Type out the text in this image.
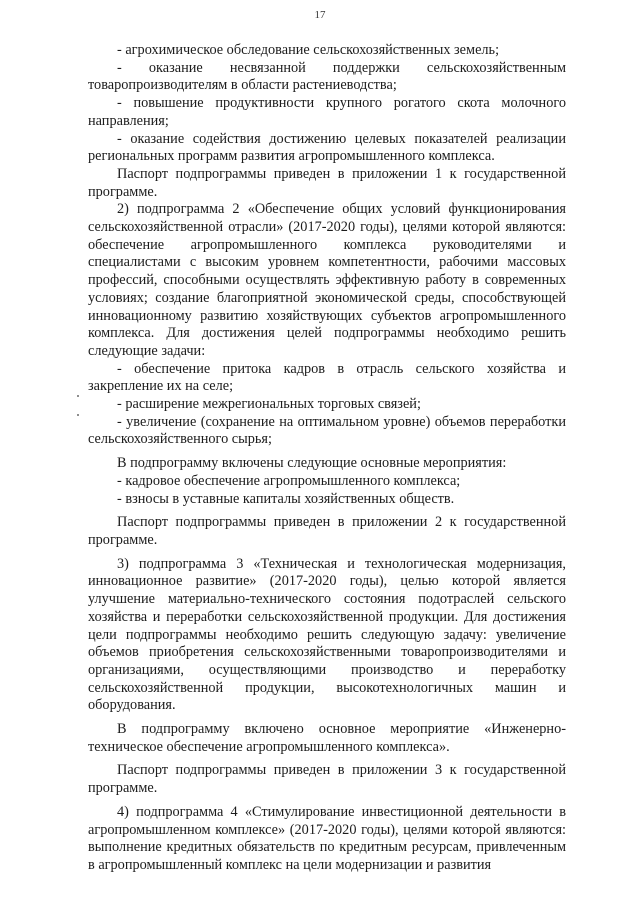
17

- агрохимическое обследование сельскохозяйственных земель;

- оказание несвязанной поддержки сельскохозяйственным товаропроизводителям в области растениеводства;

- повышение продуктивности крупного рогатого скота молочного направления;

- оказание содействия достижению целевых показателей реализации региональных программ развития агропромышленного комплекса.

Паспорт подпрограммы приведен в приложении 1 к государственной программе.

2) подпрограмма 2 «Обеспечение общих условий функционирования сельскохозяйственной отрасли» (2017-2020 годы), целями которой являются: обеспечение агропромышленного комплекса руководителями и специалистами с высоким уровнем компетентности, рабочими массовых профессий, способными осуществлять эффективную работу в современных условиях; создание благоприятной экономической среды, способствующей инновационному развитию хозяйствующих субъектов агропромышленного комплекса. Для достижения целей подпрограммы необходимо решить следующие задачи:

- обеспечение притока кадров в отрасль сельского хозяйства и закрепление их на селе;

- расширение межрегиональных торговых связей;

- увеличение (сохранение на оптимальном уровне) объемов переработки сельскохозяйственного сырья;

В подпрограмму включены следующие основные мероприятия:

- кадровое обеспечение агропромышленного комплекса;

- взносы в уставные капиталы хозяйственных обществ.

Паспорт подпрограммы приведен в приложении 2 к государственной программе.

3) подпрограмма 3 «Техническая и технологическая модернизация, инновационное развитие» (2017-2020 годы), целью которой является улучшение материально-технического состояния подотраслей сельского хозяйства и переработки сельскохозяйственной продукции. Для достижения цели подпрограммы необходимо решить следующую задачу: увеличение объемов приобретения сельскохозяйственными товаропроизводителями и организациями, осуществляющими производство и переработку сельскохозяйственной продукции, высокотехнологичных машин и оборудования.

В подпрограмму включено основное мероприятие «Инженерно-техническое обеспечение агропромышленного комплекса».

Паспорт подпрограммы приведен в приложении 3 к государственной программе.

4) подпрограмма 4 «Стимулирование инвестиционной деятельности в агропромышленном комплексе» (2017-2020 годы), целями которой являются: выполнение кредитных обязательств по кредитным ресурсам, привлеченным в агропромышленный комплекс на цели модернизации и развития
